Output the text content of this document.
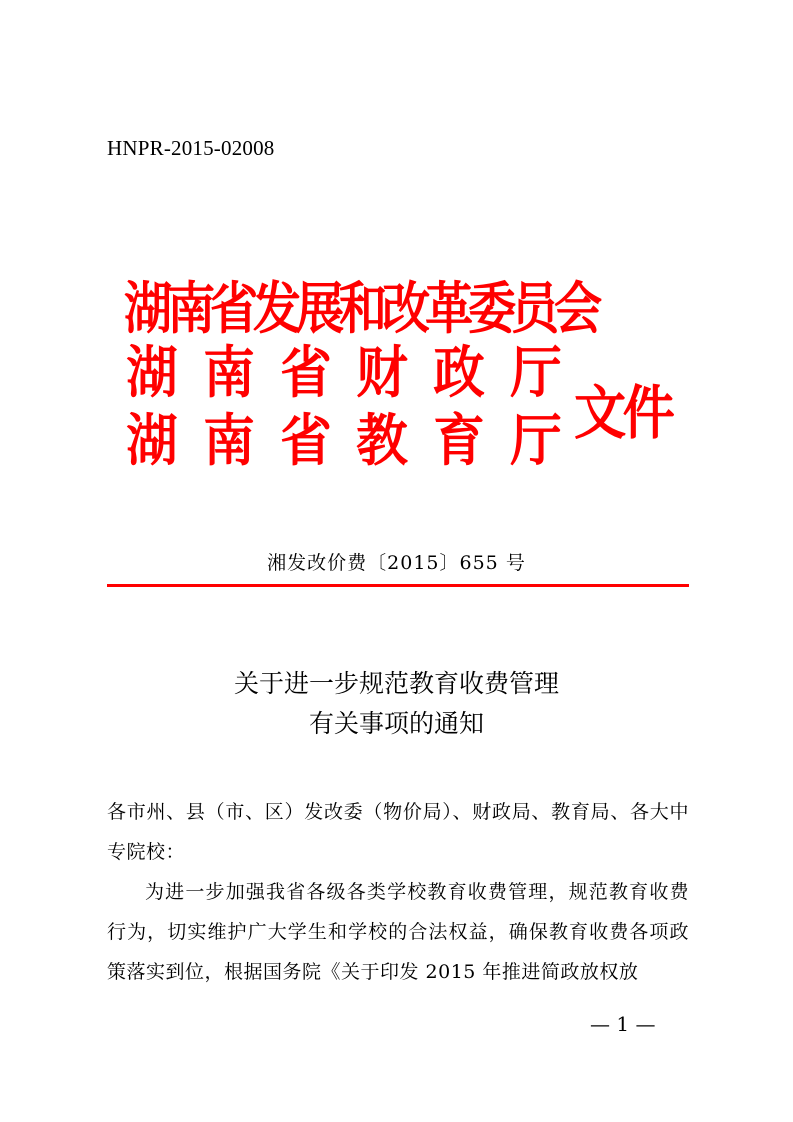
HNPR-2015-02008
湖南省发展和改革委员会
湖 南 省 财 政 厅
湖 南 省 教 育 厅 文件
湘发改价费〔2015〕655 号
关于进一步规范教育收费管理
有关事项的通知

各市州、县（市、区）发改委（物价局）、财政局、教育局、各大中专院校：

为进一步加强我省各级各类学校教育收费管理，规范教育收费行为，切实维护广大学生和学校的合法权益，确保教育收费各项政策落实到位，根据国务院《关于印发 2015 年推进简政放权放

— 1 —
